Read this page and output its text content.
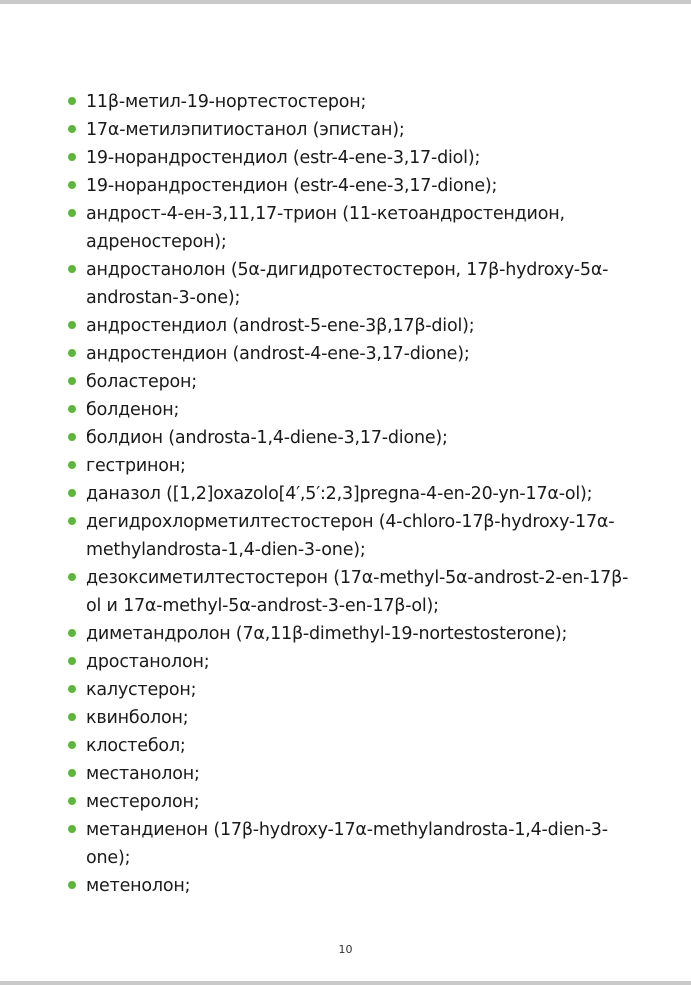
11β-метил-19-нортестостерон;
17α-метилэпитиостанол (эпистан);
19-норандростендиол (estr-4-ene-3,17-diol);
19-норандростендион (estr-4-ene-3,17-dione);
андрост-4-ен-3,11,17-трион (11-кетоандростендион, адреностерон);
андростанолон (5α-дигидротестостерон, 17β-hydroxy-5α-androstan-3-one);
андростендиол (androst-5-ene-3β,17β-diol);
андростендион (androst-4-ene-3,17-dione);
боластерон;
болденон;
болдион (androsta-1,4-diene-3,17-dione);
гестринон;
даназол ([1,2]oxazolo[4′,5′:2,3]pregna-4-en-20-yn-17α-ol);
дегидрохлорметилтестостерон (4-chloro-17β-hydroxy-17α-methylandrosta-1,4-dien-3-one);
дезоксиметилтестостерон (17α-methyl-5α-androst-2-en-17β-ol и 17α-methyl-5α-androst-3-en-17β-ol);
диметандролон (7α,11β-dimethyl-19-nortestosterone);
дростанолон;
калустерон;
квинболон;
клостебол;
местанолон;
местеролон;
метандиенон (17β-hydroxy-17α-methylandrosta-1,4-dien-3-one);
метенолон;
10
